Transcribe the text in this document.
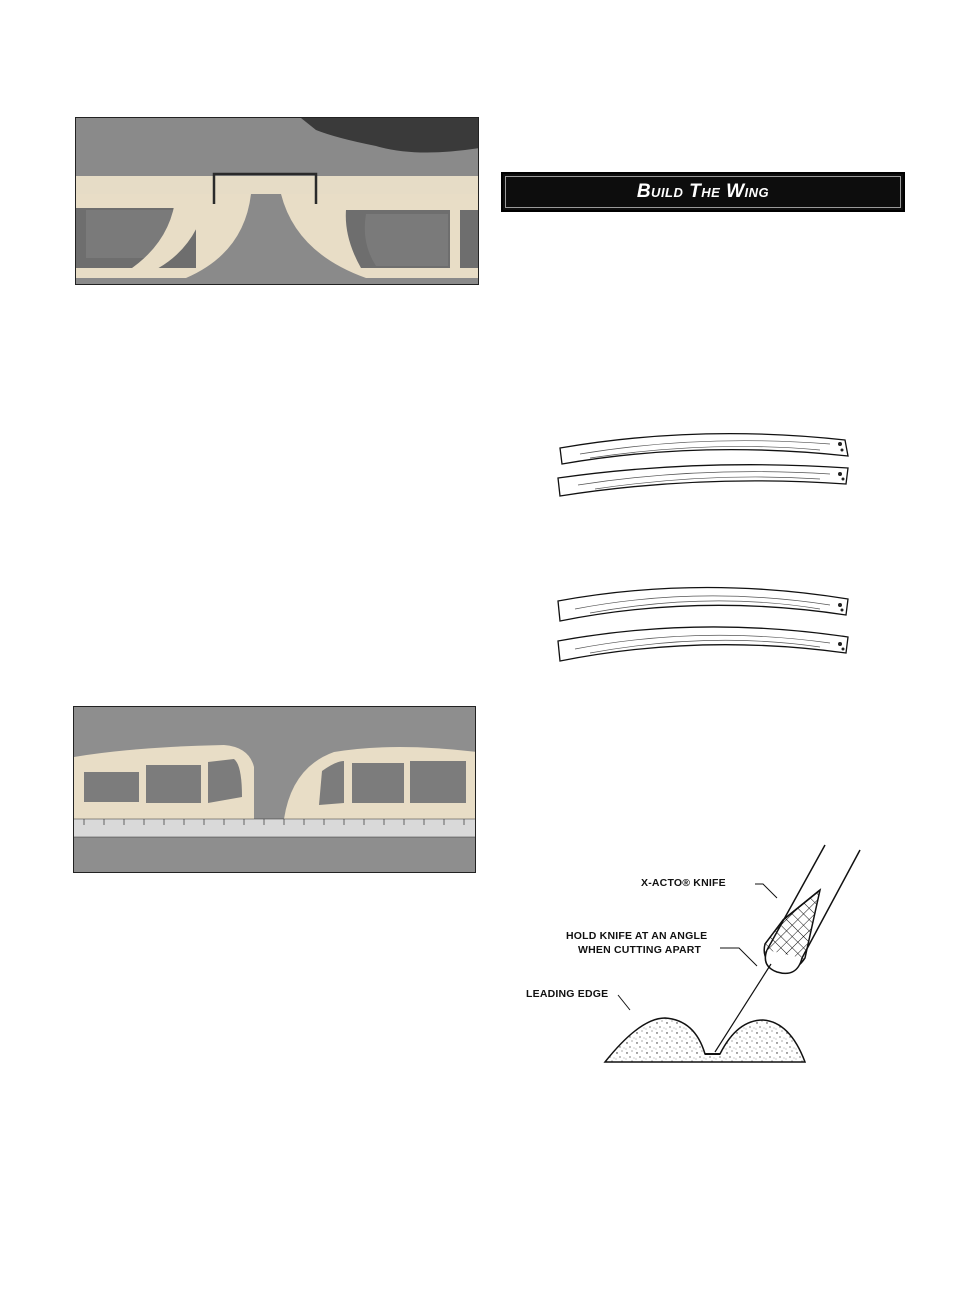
Build The Wing
X-ACTO® KNIFE
HOLD KNIFE AT AN ANGLE
WHEN CUTTING APART
LEADING EDGE
